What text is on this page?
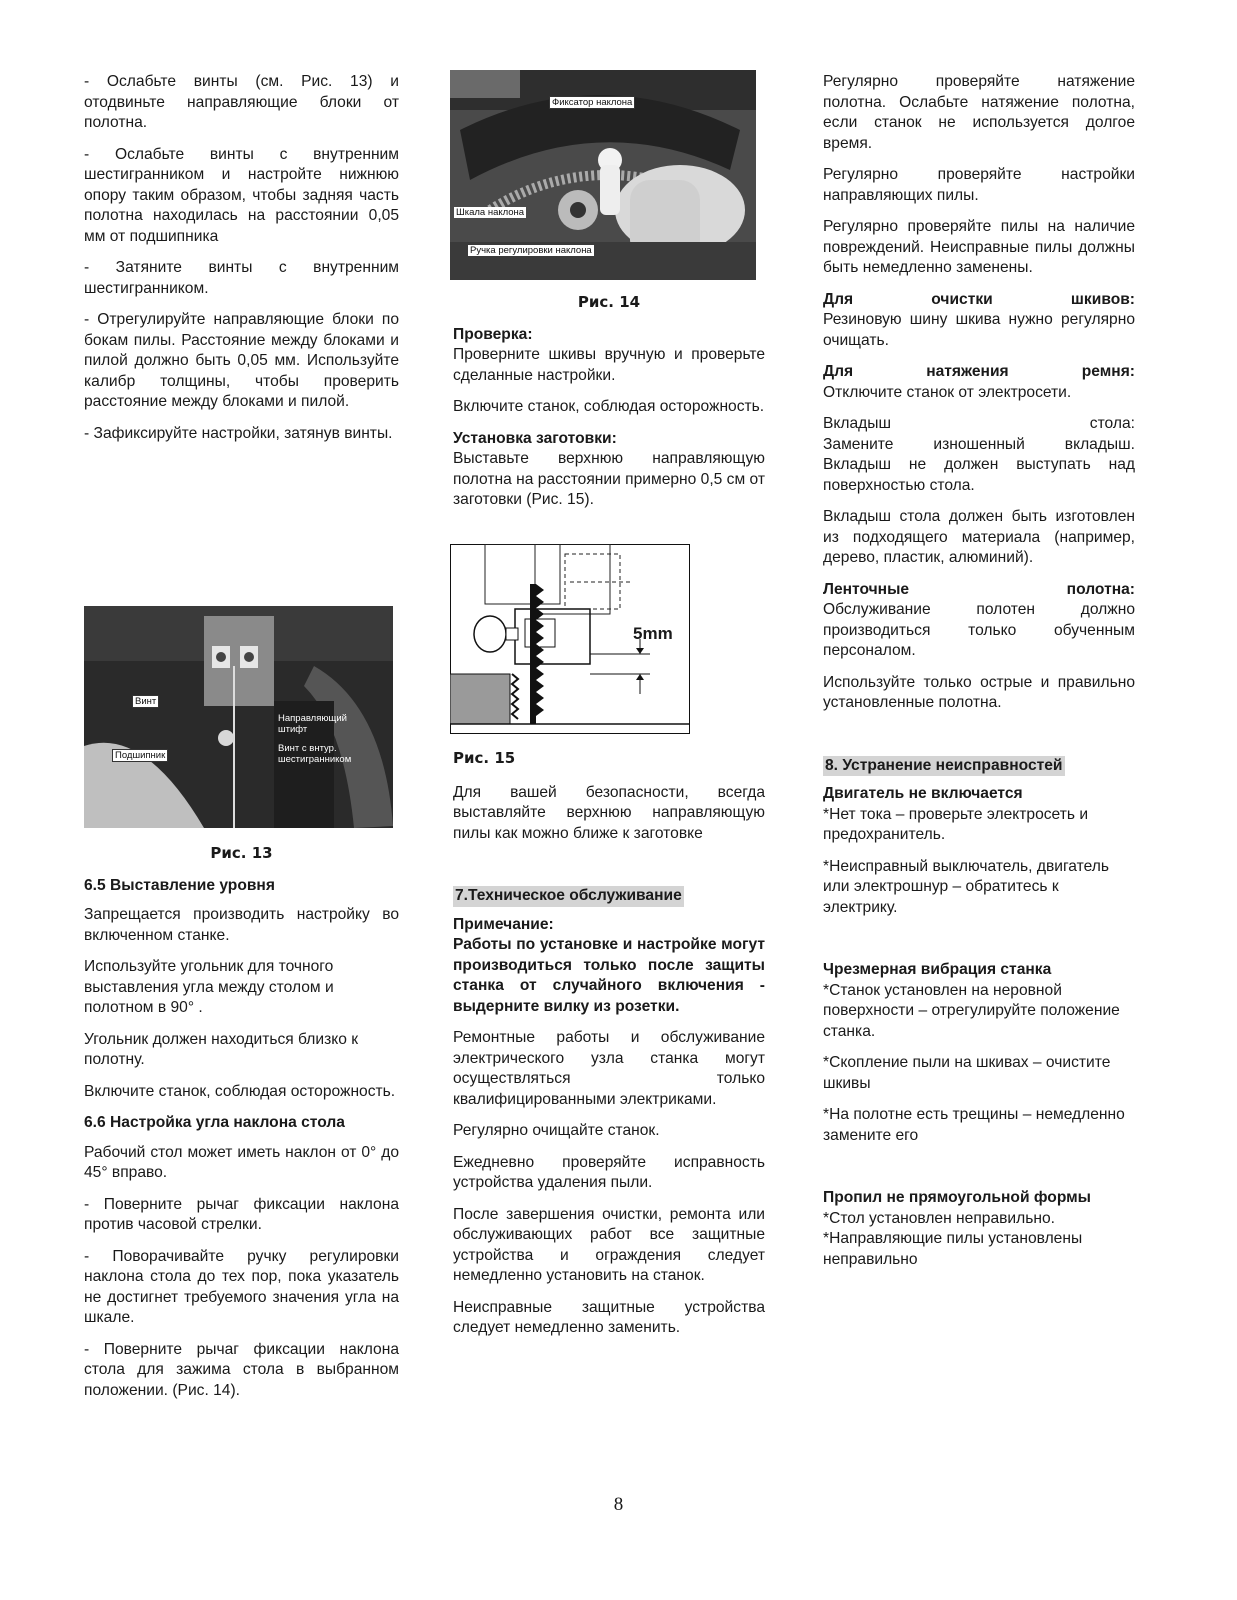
- Ослабьте винты (см. Рис. 13) и отодвиньте направляющие блоки от полотна.

- Ослабьте винты с внутренним шестигранником и настройте нижнюю опору таким образом, чтобы задняя часть полотна находилась на расстоянии 0,05 мм от подшипника

- Затяните винты с внутренним шестигранником.

- Отрегулируйте направляющие блоки по бокам пилы. Расстояние между блоками и пилой должно быть 0,05 мм. Используйте калибр толщины, чтобы проверить расстояние между блоками и пилой.

- Зафиксируйте настройки, затянув винты.

Винт
Направляющий штифт
Подшипник
Винт с внтур. шестигранником

Рис. 13

6.5 Выставление уровня

Запрещается производить настройку во включенном станке.

Используйте угольник для точного выставления угла между столом и полотном в 90° .

Угольник должен находиться близко к полотну.

Включите станок, соблюдая осторожность.

6.6 Настройка угла наклона стола

Рабочий стол может иметь наклон от 0° до 45° вправо.

- Поверните рычаг фиксации наклона против часовой стрелки.

- Поворачивайте ручку регулировки наклона стола до тех пор, пока указатель не достигнет требуемого значения угла на шкале.

- Поверните рычаг фиксации наклона стола для зажима стола в выбранном положении. (Рис. 14).

Фиксатор наклона
Шкала наклона
Ручка регулировки наклона

Рис. 14

Проверка:

Проверните шкивы вручную и проверьте сделанные настройки.

Включите станок, соблюдая осторожность.

Установка заготовки:

Выставьте верхнюю направляющую полотна на расстоянии примерно 0,5 см от заготовки (Рис. 15).

5mm

Рис. 15

Для вашей безопасности, всегда выставляйте верхнюю направляющую пилы как можно ближе к заготовке

7.Техническое обслуживание

Примечание:

Работы по установке и настройке могут производиться только после защиты станка от случайного включения - выдерните вилку из розетки.

Ремонтные работы и обслуживание электрического узла станка могут осуществляться только квалифицированными электриками.

Регулярно очищайте станок.

Ежедневно проверяйте исправность устройства удаления пыли.

После завершения очистки, ремонта или обслуживающих работ все защитные устройства и ограждения следует немедленно установить на станок.

Неисправные защитные устройства следует немедленно заменить.

Регулярно проверяйте натяжение полотна. Ослабьте натяжение полотна, если станок не используется долгое время.

Регулярно проверяйте настройки направляющих пилы.

Регулярно проверяйте пилы на наличие повреждений. Неисправные пилы должны быть немедленно заменены.

Для очистки шкивов:
Резиновую шину шкива нужно регулярно очищать.

Для натяжения ремня:
Отключите станок от электросети.

Вкладыш стола:
Замените изношенный вкладыш. Вкладыш не должен выступать над поверхностью стола.

Вкладыш стола должен быть изготовлен из подходящего материала (например, дерево, пластик, алюминий).

Ленточные полотна:
Обслуживание полотен должно производиться только обученным персоналом.

Используйте только острые и правильно установленные полотна.

8. Устранение неисправностей

Двигатель не включается

*Нет тока – проверьте электросеть и предохранитель.

*Неисправный выключатель, двигатель или электрошнур – обратитесь к электрику.

Чрезмерная вибрация станка

*Станок установлен на неровной поверхности – отрегулируйте положение станка.

*Скопление пыли на шкивах – очистите шкивы

*На полотне есть трещины – немедленно замените его

Пропил не прямоугольной формы

*Стол установлен неправильно.

*Направляющие пилы установлены неправильно

8
